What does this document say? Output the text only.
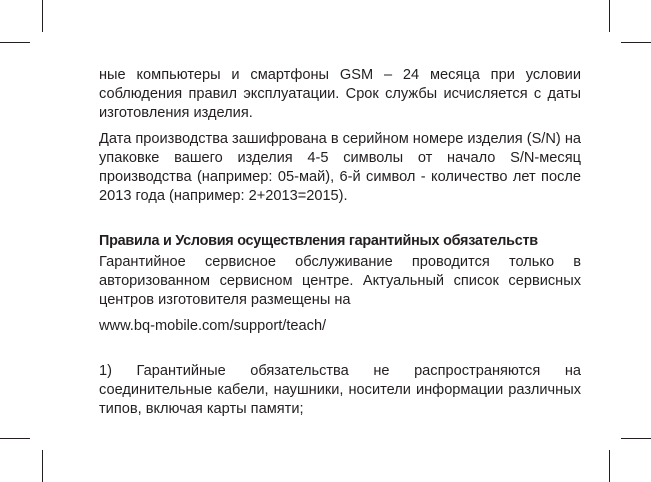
ные компьютеры и смартфоны GSM – 24 месяца при условии соблюдения правил эксплуатации. Срок службы исчисляется с даты изготовления изделия.

Дата производства зашифрована в серийном номере изделия (S/N) на упаковке вашего изделия 4-5 символы от начало S/N-месяц производства (например: 05-май), 6-й символ - количество лет после 2013 года (например: 2+2013=2015).

Правила и Условия осуществления гарантийных обязательств

Гарантийное сервисное обслуживание проводится только в авторизованном сервисном центре. Актуальный список сервисных центров изготовителя размещены на

www.bq-mobile.com/support/teach/

1) Гарантийные обязательства не распространяются на соединительные кабели, наушники, носители информации различных типов, включая карты памяти;
